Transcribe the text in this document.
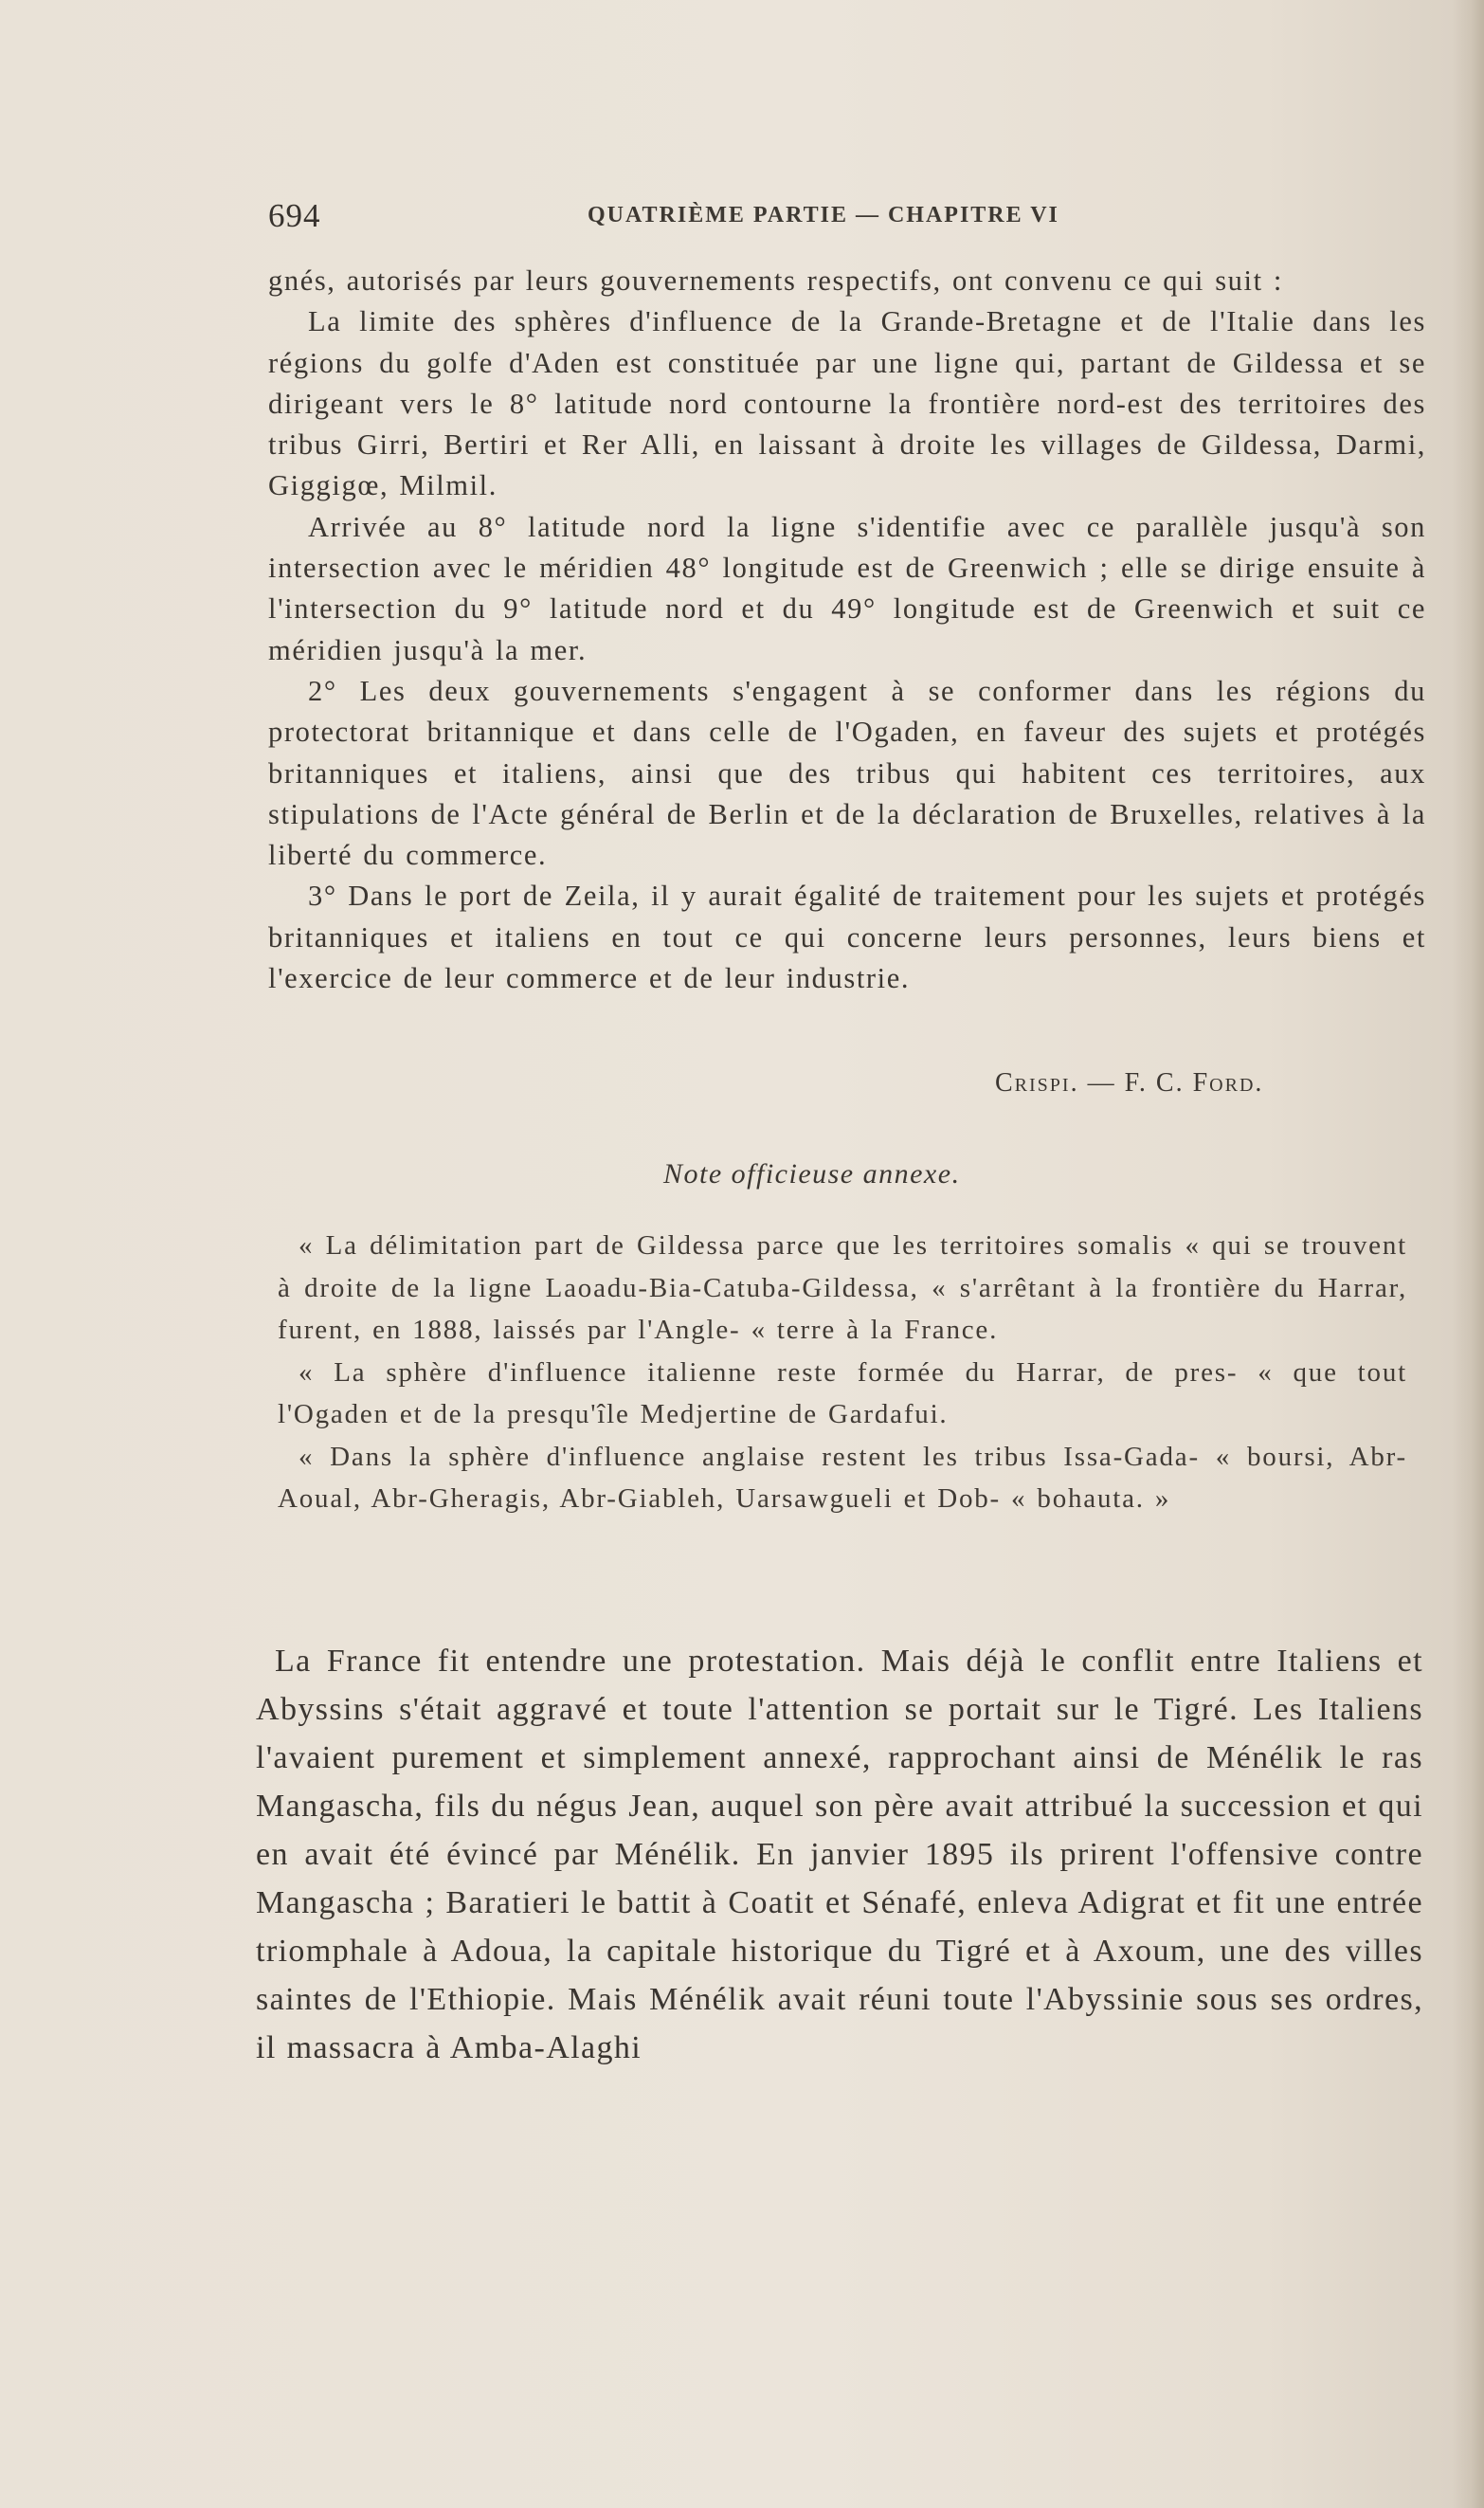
694	QUATRIÈME PARTIE — CHAPITRE VI

gnés, autorisés par leurs gouvernements respectifs, ont convenu ce qui suit :

La limite des sphères d'influence de la Grande-Bretagne et de l'Italie dans les régions du golfe d'Aden est constituée par une ligne qui, partant de Gildessa et se dirigeant vers le 8° latitude nord contourne la frontière nord-est des territoires des tribus Girri, Bertiri et Rer Alli, en laissant à droite les villages de Gildessa, Darmi, Giggigœ, Milmil.

Arrivée au 8° latitude nord la ligne s'identifie avec ce parallèle jusqu'à son intersection avec le méridien 48° longitude est de Greenwich ; elle se dirige ensuite à l'intersection du 9° latitude nord et du 49° longitude est de Greenwich et suit ce méridien jusqu'à la mer.

2° Les deux gouvernements s'engagent à se conformer dans les régions du protectorat britannique et dans celle de l'Ogaden, en faveur des sujets et protégés britanniques et italiens, ainsi que des tribus qui habitent ces territoires, aux stipulations de l'Acte général de Berlin et de la déclaration de Bruxelles, relatives à la liberté du commerce.

3° Dans le port de Zeila, il y aurait égalité de traitement pour les sujets et protégés britanniques et italiens en tout ce qui concerne leurs personnes, leurs biens et l'exercice de leur commerce et de leur industrie.

Crispi. — F. C. Ford.
Note officieuse annexe.

« La délimitation part de Gildessa parce que les territoires somalis « qui se trouvent à droite de la ligne Laoadu-Bia-Catuba-Gildessa, « s'arrêtant à la frontière du Harrar, furent, en 1888, laissés par l'Angle- « terre à la France.

« La sphère d'influence italienne reste formée du Harrar, de pres- « que tout l'Ogaden et de la presqu'île Medjertine de Gardafui.

« Dans la sphère d'influence anglaise restent les tribus Issa-Gada- « boursi, Abr-Aoual, Abr-Gheragis, Abr-Giableh, Uarsawgueli et Dob- « bohauta. »

La France fit entendre une protestation. Mais déjà le conflit entre Italiens et Abyssins s'était aggravé et toute l'attention se portait sur le Tigré. Les Italiens l'avaient purement et simplement annexé, rapprochant ainsi de Ménélik le ras Mangascha, fils du négus Jean, auquel son père avait attribué la succession et qui en avait été évincé par Ménélik. En janvier 1895 ils prirent l'offensive contre Mangascha ; Baratieri le battit à Coatit et Sénafé, enleva Adigrat et fit une entrée triomphale à Adoua, la capitale historique du Tigré et à Axoum, une des villes saintes de l'Ethiopie. Mais Ménélik avait réuni toute l'Abyssinie sous ses ordres, il massacra à Amba-Alaghi
